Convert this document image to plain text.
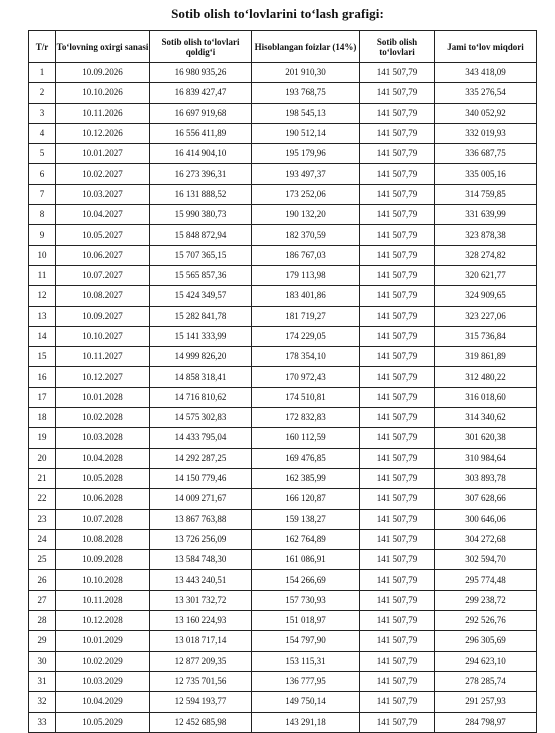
Sotib olish to‘lovlarini to‘lash grafigi:
T/r	To‘lovning oxirgi sanasi	Sotib olish to‘lovlari qoldig‘i	Hisoblangan foizlar (14%)	Sotib olish to‘lovlari	Jami to‘lov miqdori
1	10.09.2026	16 980 935,26	201 910,30	141 507,79	343 418,09
2	10.10.2026	16 839 427,47	193 768,75	141 507,79	335 276,54
3	10.11.2026	16 697 919,68	198 545,13	141 507,79	340 052,92
4	10.12.2026	16 556 411,89	190 512,14	141 507,79	332 019,93
5	10.01.2027	16 414 904,10	195 179,96	141 507,79	336 687,75
6	10.02.2027	16 273 396,31	193 497,37	141 507,79	335 005,16
7	10.03.2027	16 131 888,52	173 252,06	141 507,79	314 759,85
8	10.04.2027	15 990 380,73	190 132,20	141 507,79	331 639,99
9	10.05.2027	15 848 872,94	182 370,59	141 507,79	323 878,38
10	10.06.2027	15 707 365,15	186 767,03	141 507,79	328 274,82
11	10.07.2027	15 565 857,36	179 113,98	141 507,79	320 621,77
12	10.08.2027	15 424 349,57	183 401,86	141 507,79	324 909,65
13	10.09.2027	15 282 841,78	181 719,27	141 507,79	323 227,06
14	10.10.2027	15 141 333,99	174 229,05	141 507,79	315 736,84
15	10.11.2027	14 999 826,20	178 354,10	141 507,79	319 861,89
16	10.12.2027	14 858 318,41	170 972,43	141 507,79	312 480,22
17	10.01.2028	14 716 810,62	174 510,81	141 507,79	316 018,60
18	10.02.2028	14 575 302,83	172 832,83	141 507,79	314 340,62
19	10.03.2028	14 433 795,04	160 112,59	141 507,79	301 620,38
20	10.04.2028	14 292 287,25	169 476,85	141 507,79	310 984,64
21	10.05.2028	14 150 779,46	162 385,99	141 507,79	303 893,78
22	10.06.2028	14 009 271,67	166 120,87	141 507,79	307 628,66
23	10.07.2028	13 867 763,88	159 138,27	141 507,79	300 646,06
24	10.08.2028	13 726 256,09	162 764,89	141 507,79	304 272,68
25	10.09.2028	13 584 748,30	161 086,91	141 507,79	302 594,70
26	10.10.2028	13 443 240,51	154 266,69	141 507,79	295 774,48
27	10.11.2028	13 301 732,72	157 730,93	141 507,79	299 238,72
28	10.12.2028	13 160 224,93	151 018,97	141 507,79	292 526,76
29	10.01.2029	13 018 717,14	154 797,90	141 507,79	296 305,69
30	10.02.2029	12 877 209,35	153 115,31	141 507,79	294 623,10
31	10.03.2029	12 735 701,56	136 777,95	141 507,79	278 285,74
32	10.04.2029	12 594 193,77	149 750,14	141 507,79	291 257,93
33	10.05.2029	12 452 685,98	143 291,18	141 507,79	284 798,97
